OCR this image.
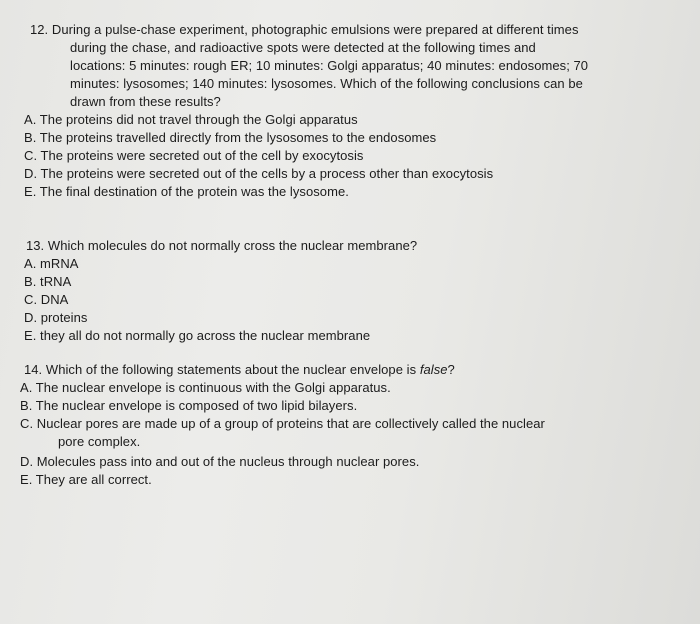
12. During a pulse-chase experiment, photographic emulsions were prepared at different times
during the chase, and radioactive spots were detected at the following times and
locations: 5 minutes: rough ER; 10 minutes: Golgi apparatus; 40 minutes: endosomes; 70
minutes: lysosomes; 140 minutes: lysosomes. Which of the following conclusions can be
drawn from these results?
A. The proteins did not travel through the Golgi apparatus
B. The proteins travelled directly from the lysosomes to the endosomes
C. The proteins were secreted out of the cell by exocytosis
D. The proteins were secreted out of the cells by a process other than exocytosis
E. The final destination of the protein was the lysosome.
13. Which molecules do not normally cross the nuclear membrane?
A. mRNA
B. tRNA
C. DNA
D. proteins
E. they all do not normally go across the nuclear membrane
14. Which of the following statements about the nuclear envelope is false?
A. The nuclear envelope is continuous with the Golgi apparatus.
B. The nuclear envelope is composed of two lipid bilayers.
C. Nuclear pores are made up of a group of proteins that are collectively called the nuclear
pore complex.
D. Molecules pass into and out of the nucleus through nuclear pores.
E. They are all correct.
